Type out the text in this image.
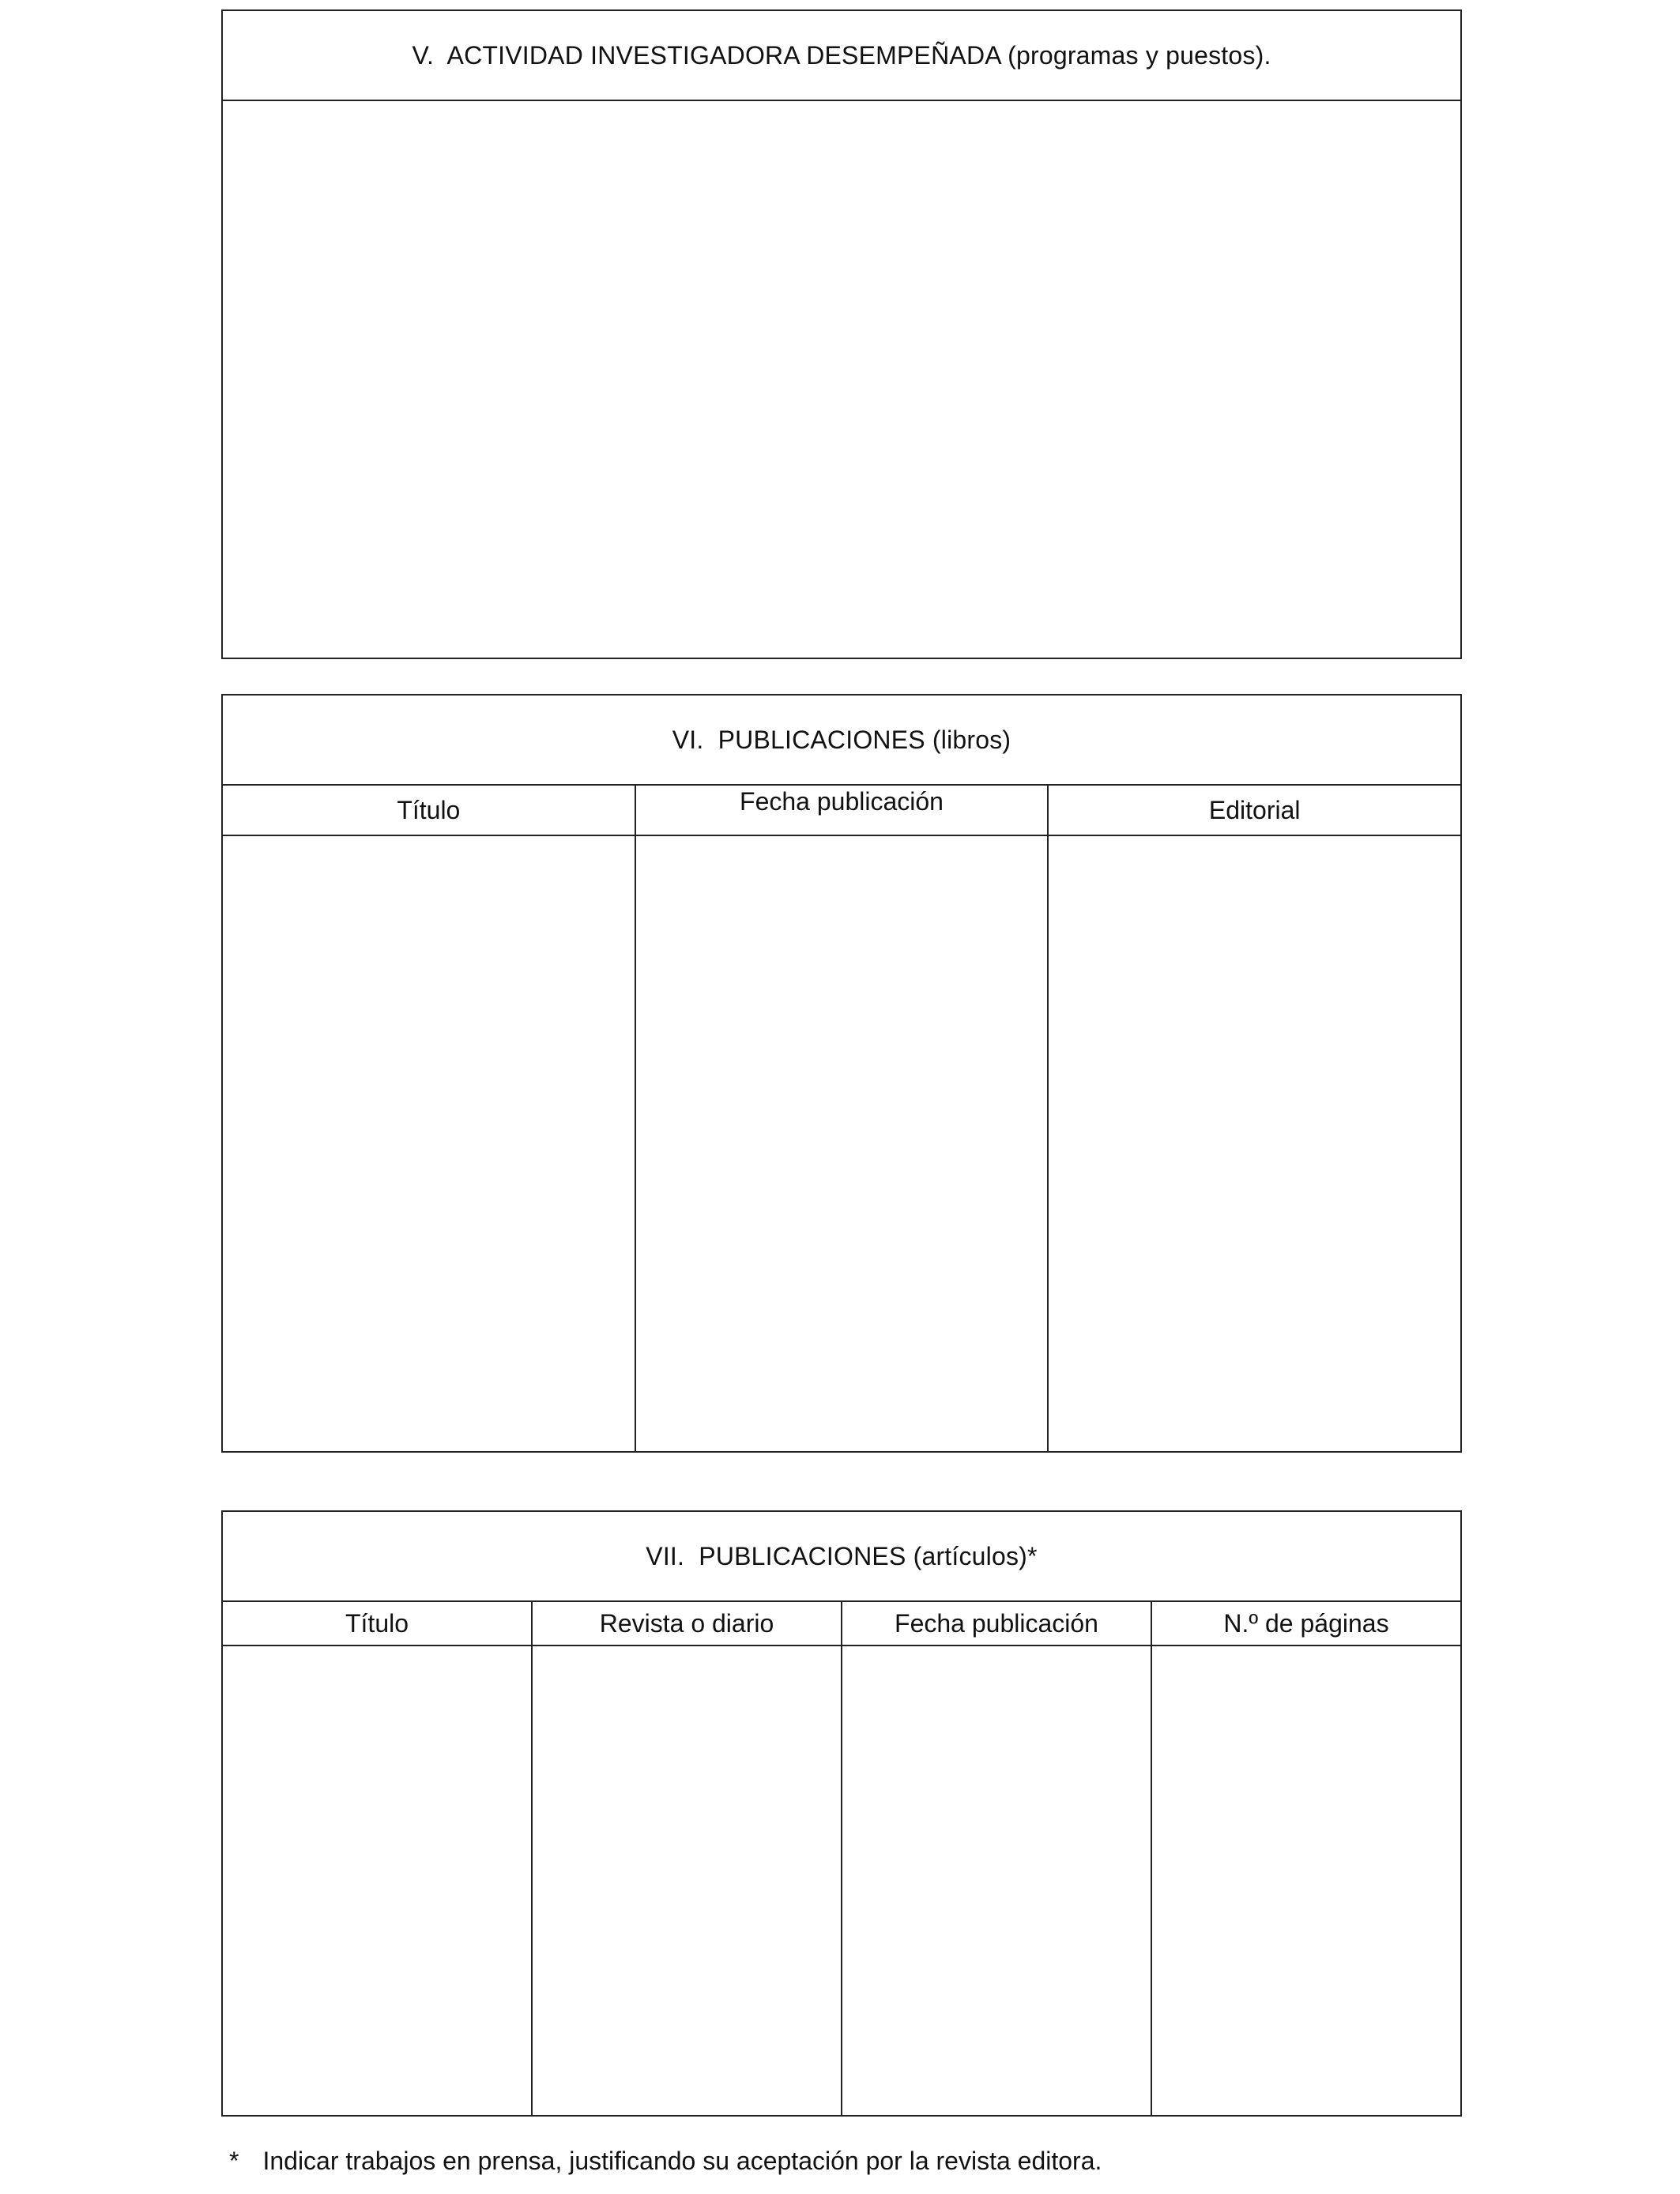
V.  ACTIVIDAD INVESTIGADORA DESEMPEÑADA (programas y puestos).
VI.  PUBLICACIONES (libros)
Título	Fecha publicación	Editorial
VII.  PUBLICACIONES (artículos)*
Título	Revista o diario	Fecha publicación	N.º de páginas
* Indicar trabajos en prensa, justificando su aceptación por la revista editora.
